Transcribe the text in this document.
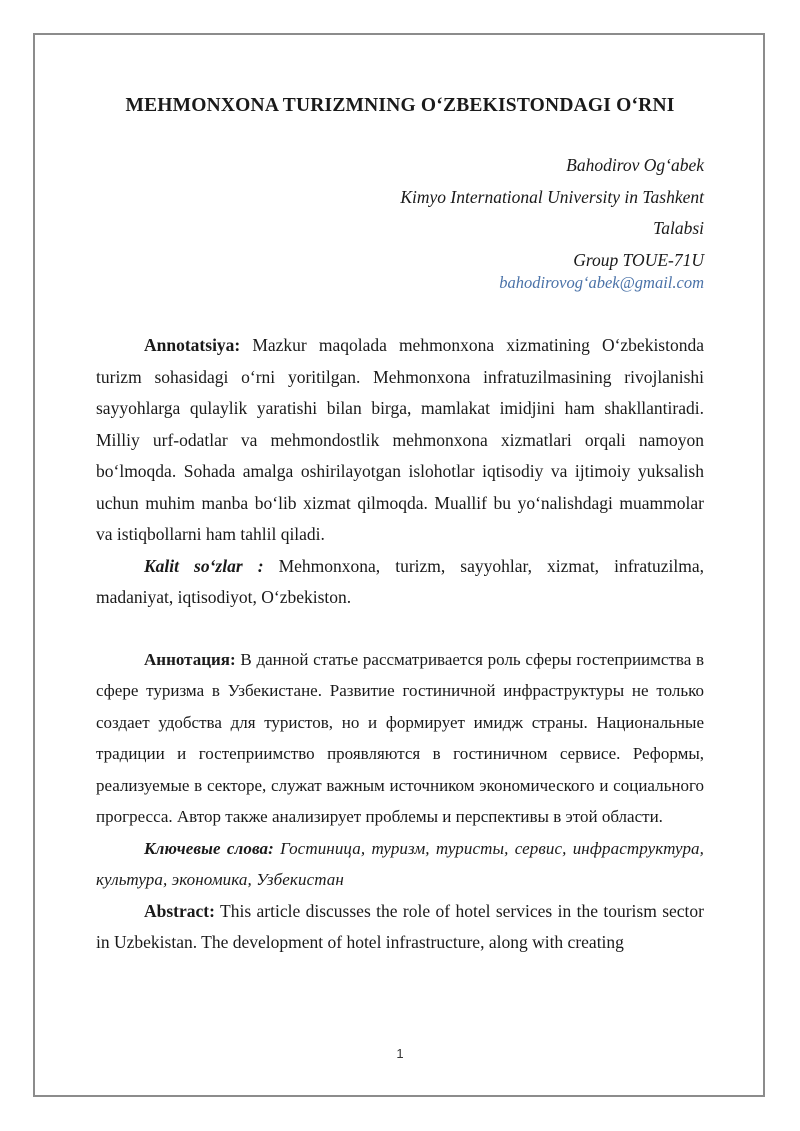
MEHMONXONA TURIZMNING O‘ZBEKISTONDAGI O‘RNI
Bahodirov Og‘abek
Kimyo International University in Tashkent
Talabsi
Group TOUE-71U
bahodirovog‘abek@gmail.com

Annotatsiya: Mazkur maqolada mehmonxona xizmatining O‘zbekistonda turizm sohasidagi o‘rni yoritilgan. Mehmonxona infratuzilmasining rivojlanishi sayyohlarga qulaylik yaratishi bilan birga, mamlakat imidjini ham shakllantiradi. Milliy urf-odatlar va mehmondostlik mehmonxona xizmatlari orqali namoyon bo‘lmoqda. Sohada amalga oshirilayotgan islohotlar iqtisodiy va ijtimoiy yuksalish uchun muhim manba bo‘lib xizmat qilmoqda. Muallif bu yo‘nalishdagi muammolar va istiqbollarni ham tahlil qiladi.

Kalit so‘zlar : Mehmonxona, turizm, sayyohlar, xizmat, infratuzilma, madaniyat, iqtisodiyot, O‘zbekiston.

Аннотация: В данной статье рассматривается роль сферы гостеприимства в сфере туризма в Узбекистане. Развитие гостиничной инфраструктуры не только создает удобства для туристов, но и формирует имидж страны. Национальные традиции и гостеприимство проявляются в гостиничном сервисе. Реформы, реализуемые в секторе, служат важным источником экономического и социального прогресса. Автор также анализирует проблемы и перспективы в этой области.

Ключевые слова: Гостиница, туризм, туристы, сервис, инфраструктура, культура, экономика, Узбекистан

Abstract: This article discusses the role of hotel services in the tourism sector in Uzbekistan. The development of hotel infrastructure, along with creating

1
